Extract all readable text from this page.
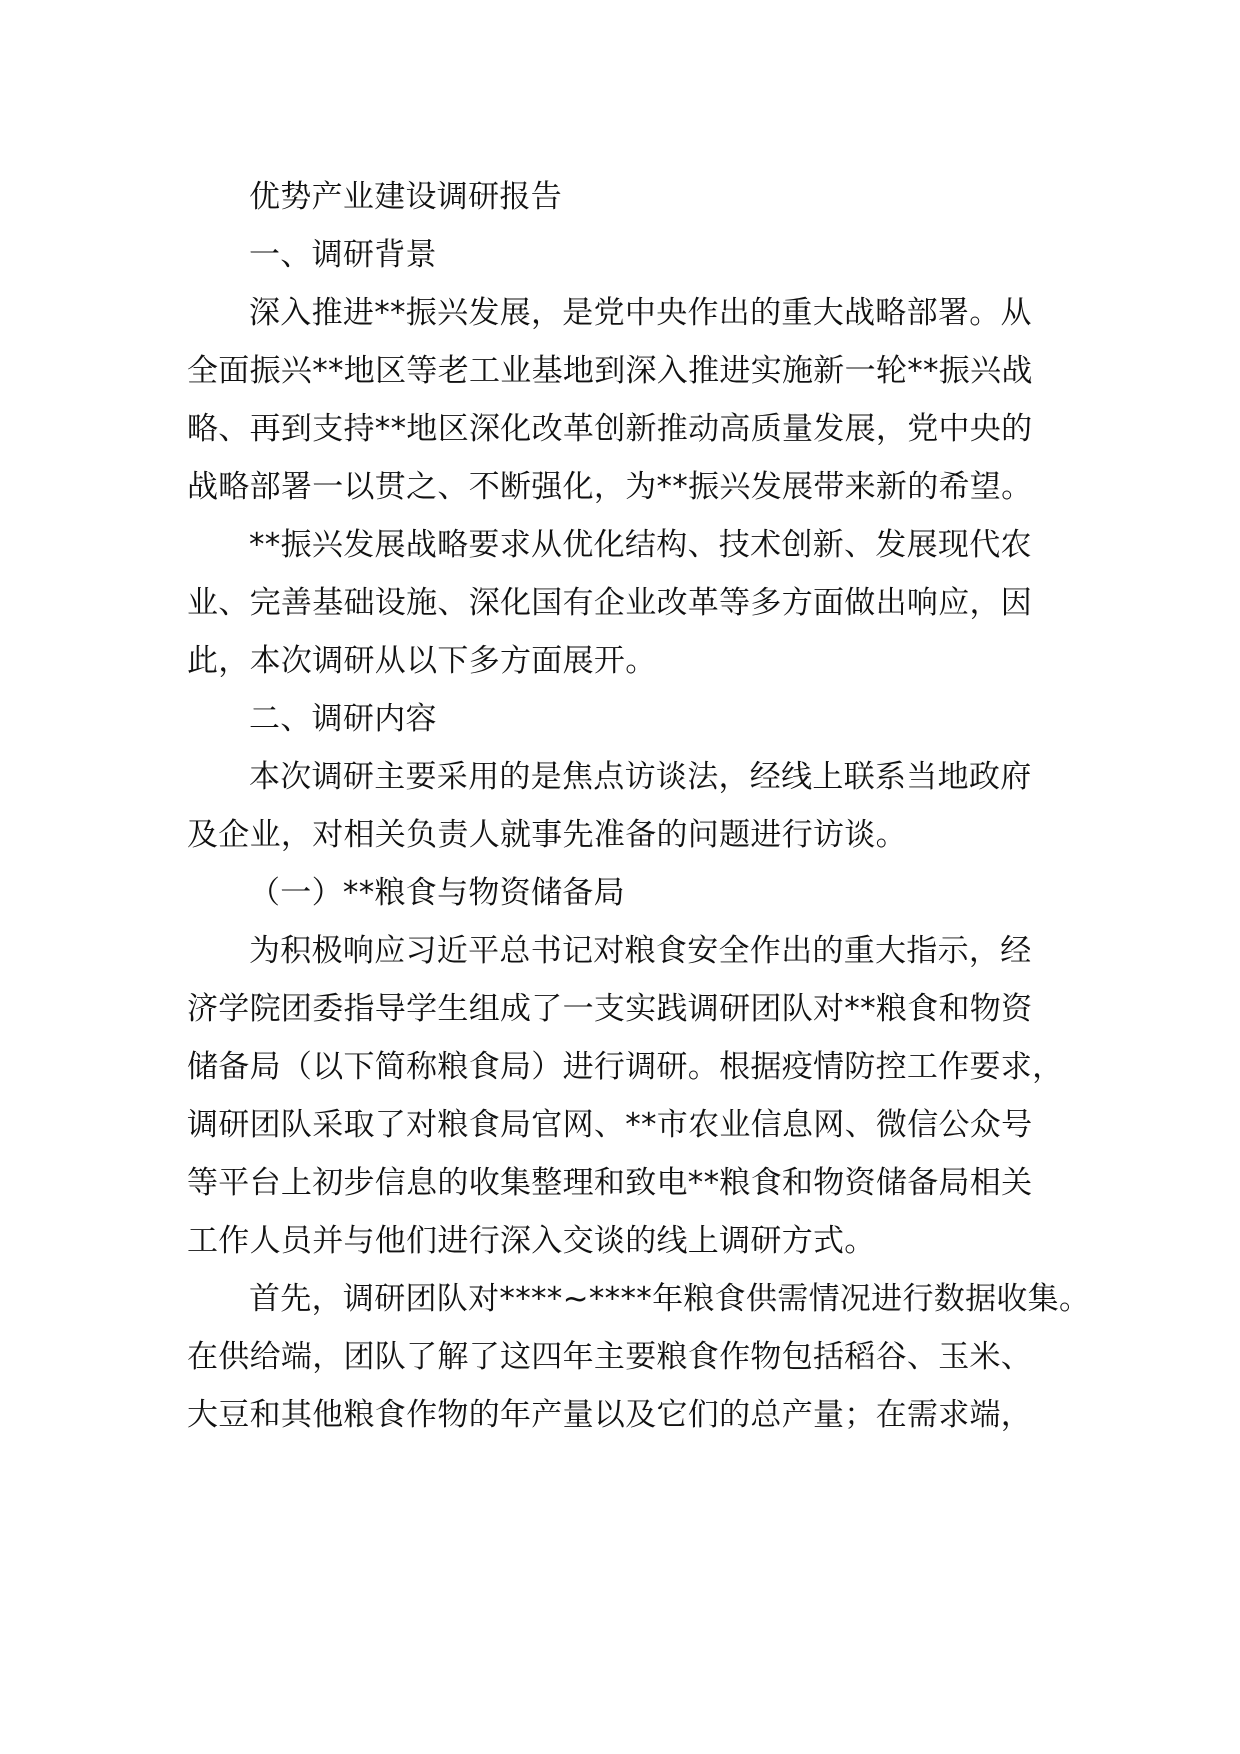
优势产业建设调研报告
一、调研背景
深入推进**振兴发展，是党中央作出的重大战略部署。从
全面振兴**地区等老工业基地到深入推进实施新一轮**振兴战
略、再到支持**地区深化改革创新推动高质量发展，党中央的
战略部署一以贯之、不断强化，为**振兴发展带来新的希望。
**振兴发展战略要求从优化结构、技术创新、发展现代农
业、完善基础设施、深化国有企业改革等多方面做出响应，因
此，本次调研从以下多方面展开。
二、调研内容
本次调研主要采用的是焦点访谈法，经线上联系当地政府
及企业，对相关负责人就事先准备的问题进行访谈。
（一）**粮食与物资储备局
为积极响应习近平总书记对粮食安全作出的重大指示，经
济学院团委指导学生组成了一支实践调研团队对**粮食和物资
储备局（以下简称粮食局）进行调研。根据疫情防控工作要求，
调研团队采取了对粮食局官网、**市农业信息网、微信公众号
等平台上初步信息的收集整理和致电**粮食和物资储备局相关
工作人员并与他们进行深入交谈的线上调研方式。
首先，调研团队对****~****年粮食供需情况进行数据收集。
在供给端，团队了解了这四年主要粮食作物包括稻谷、玉米、
大豆和其他粮食作物的年产量以及它们的总产量；在需求端，
